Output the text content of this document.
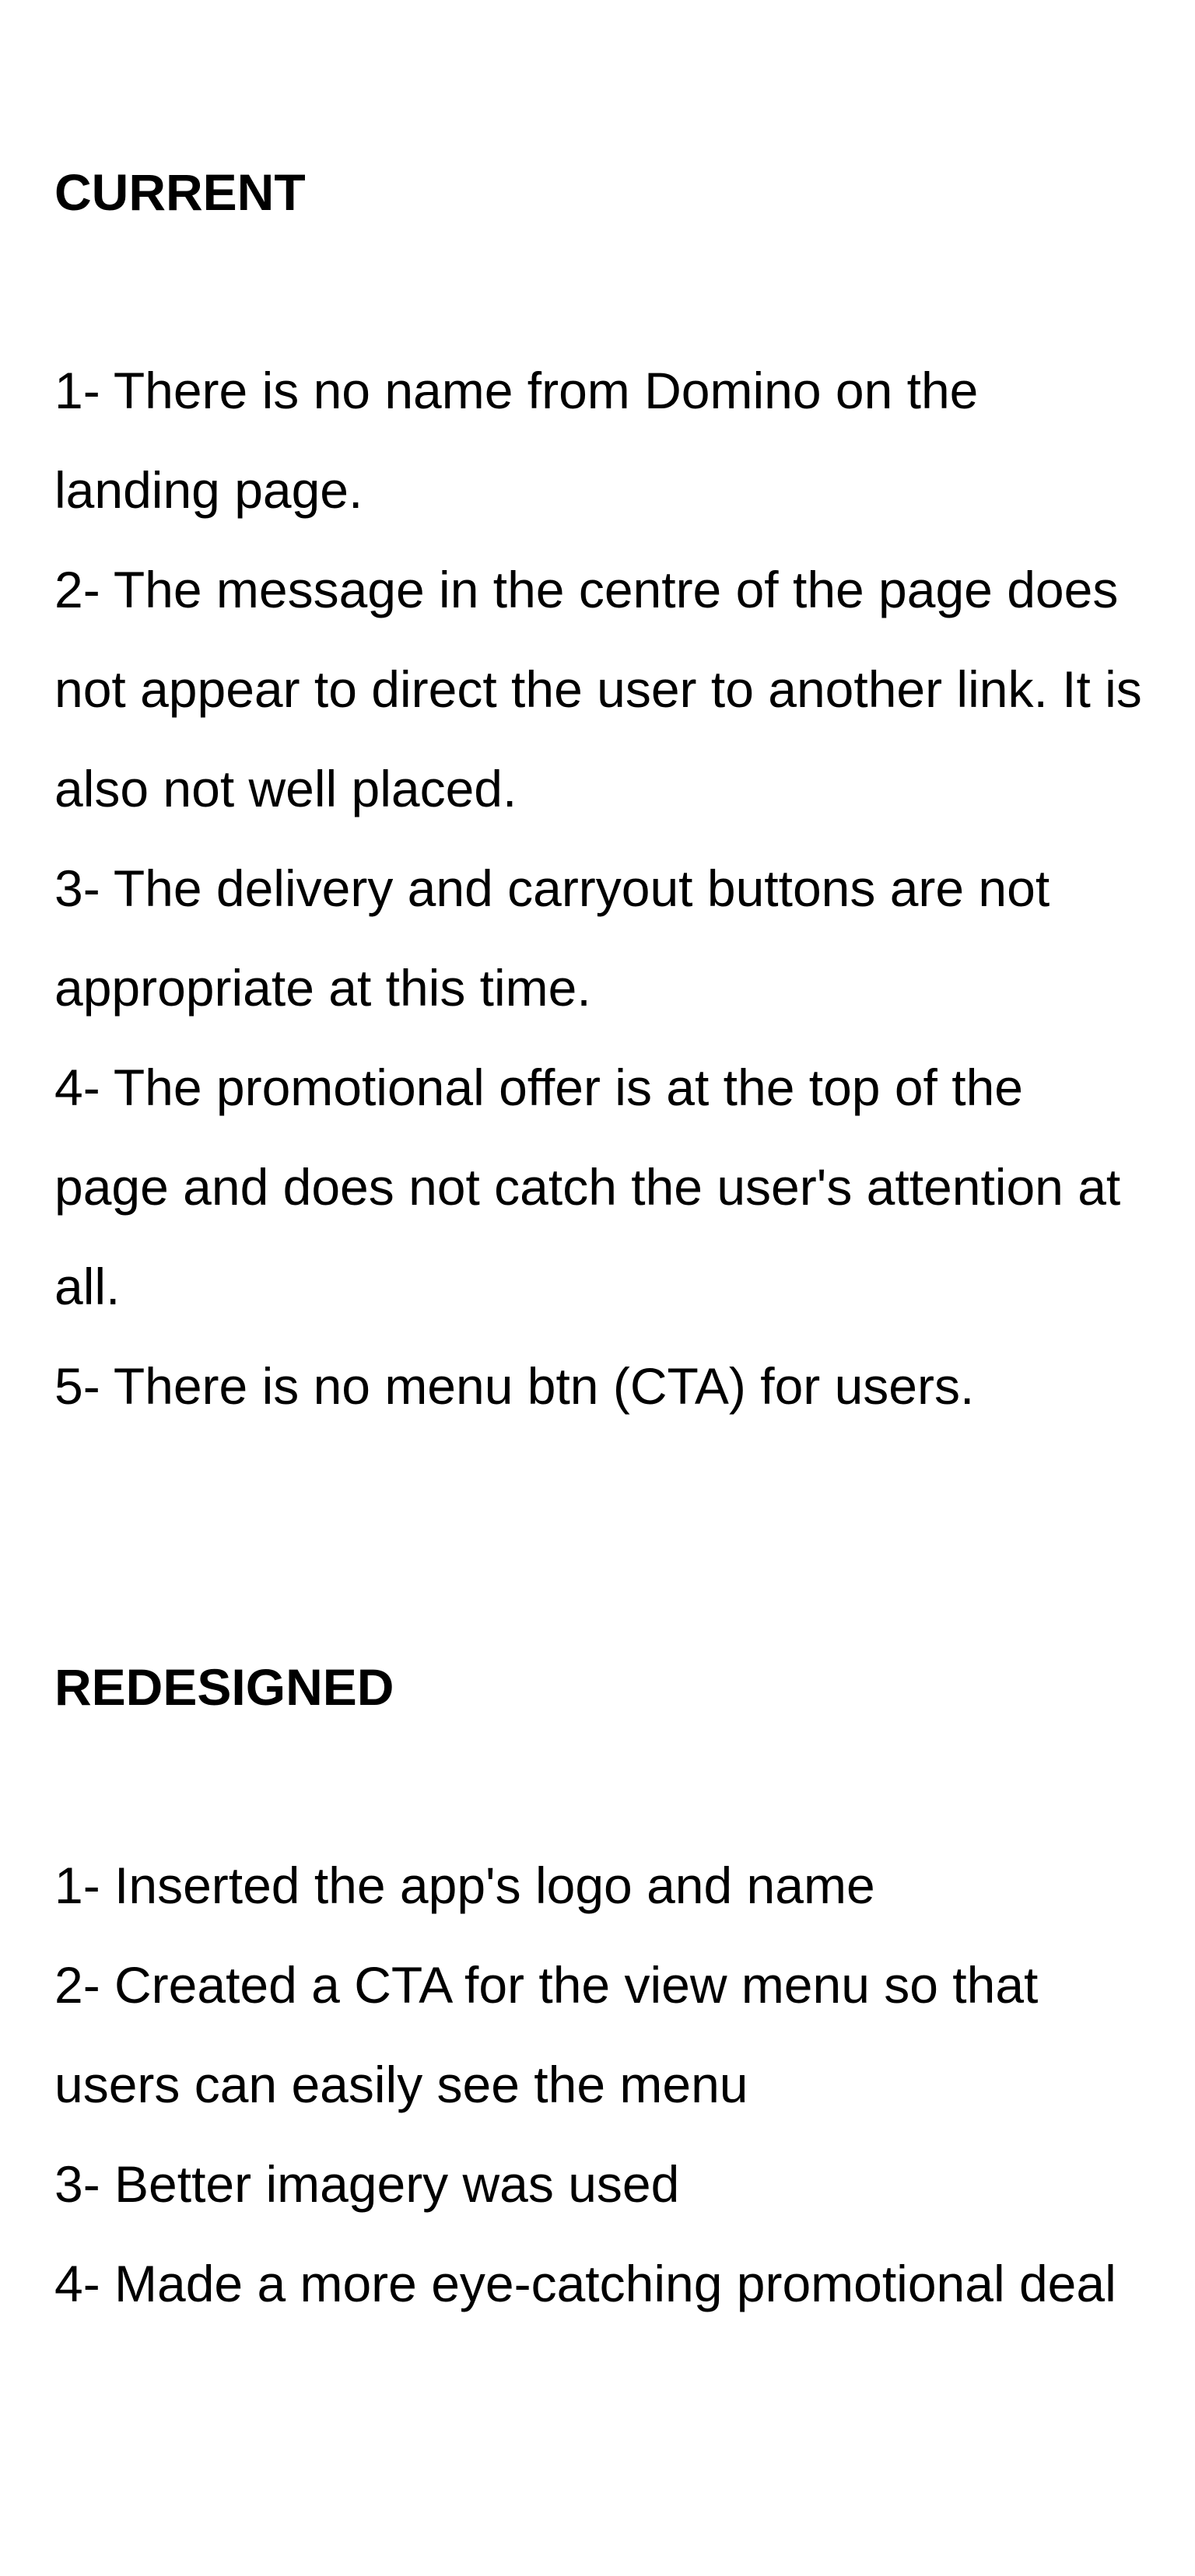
CURRENT
1- There is no name from Domino on the landing page.
2- The message in the centre of the page does not appear to direct the user to another link. It is also not well placed.
3- The delivery and carryout buttons are not appropriate at this time.
4- The promotional offer is at the top of the page and does not catch the user's attention at all.
5- There is no menu btn (CTA) for users.
REDESIGNED
1- Inserted the app's logo and name
2- Created a CTA for the view menu so that users can easily see the menu
3- Better imagery was used
4- Made a more eye-catching promotional deal
